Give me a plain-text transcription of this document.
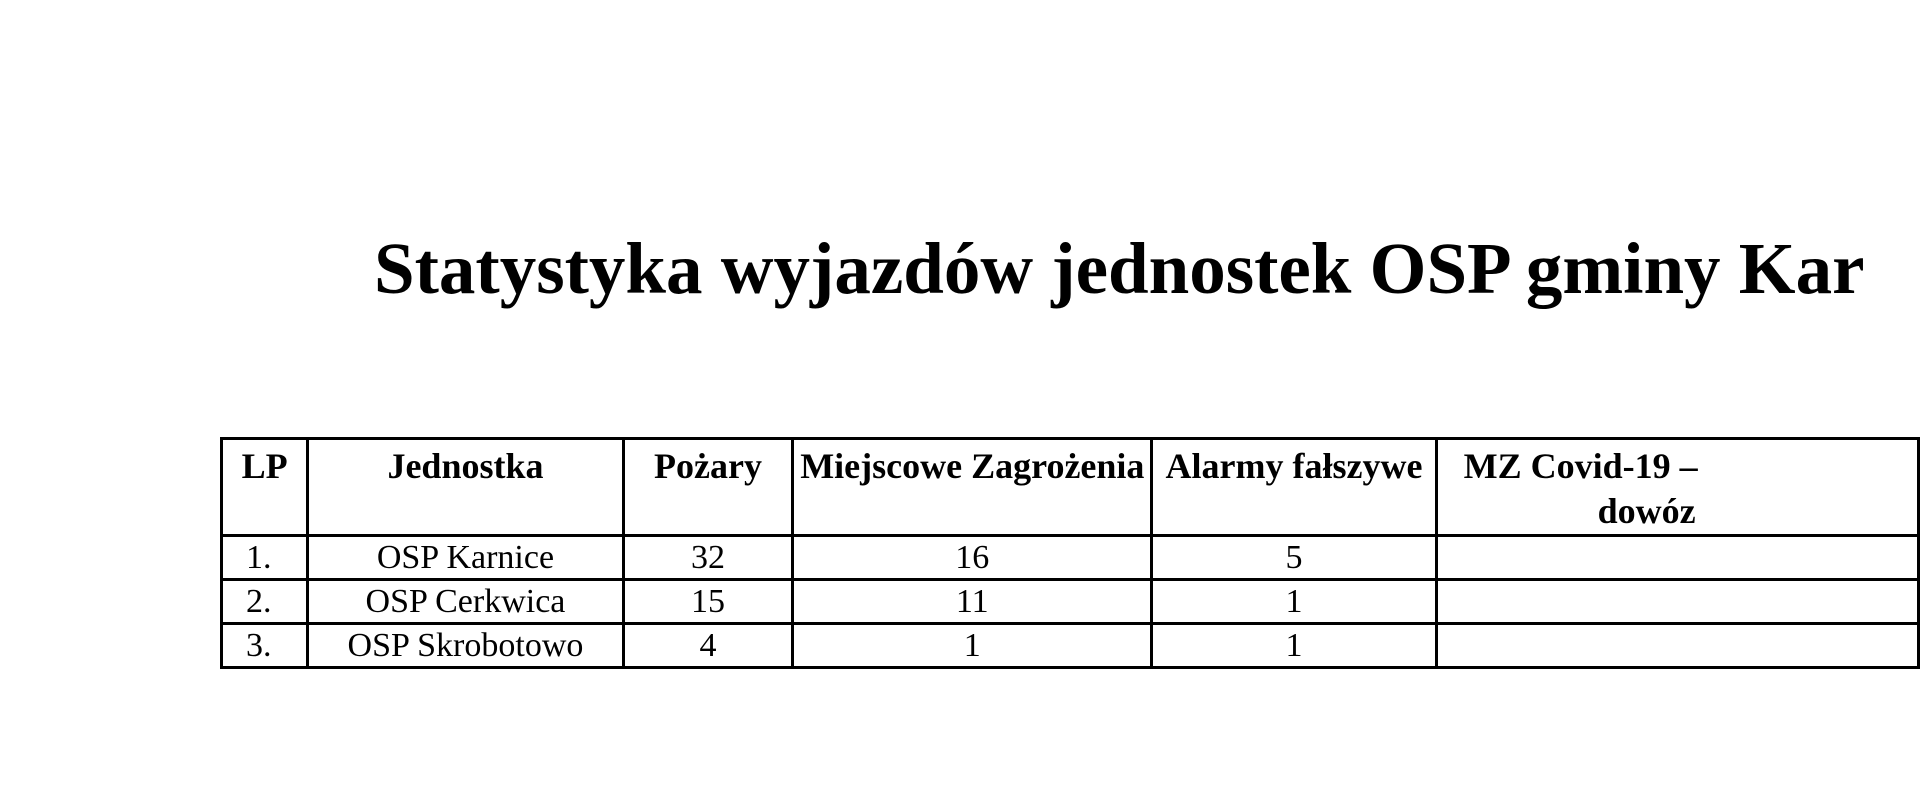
Statystyka wyjazdów jednostek OSP gminy Kar
LP	Jednostka	Pożary	Miejscowe Zagrożenia	Alarmy fałszywe	MZ Covid-19 –
dowóz

1.	OSP Karnice	32	16	5	
2.	OSP Cerkwica	15	11	1	
3.	OSP Skrobotowo	4	1	1	
